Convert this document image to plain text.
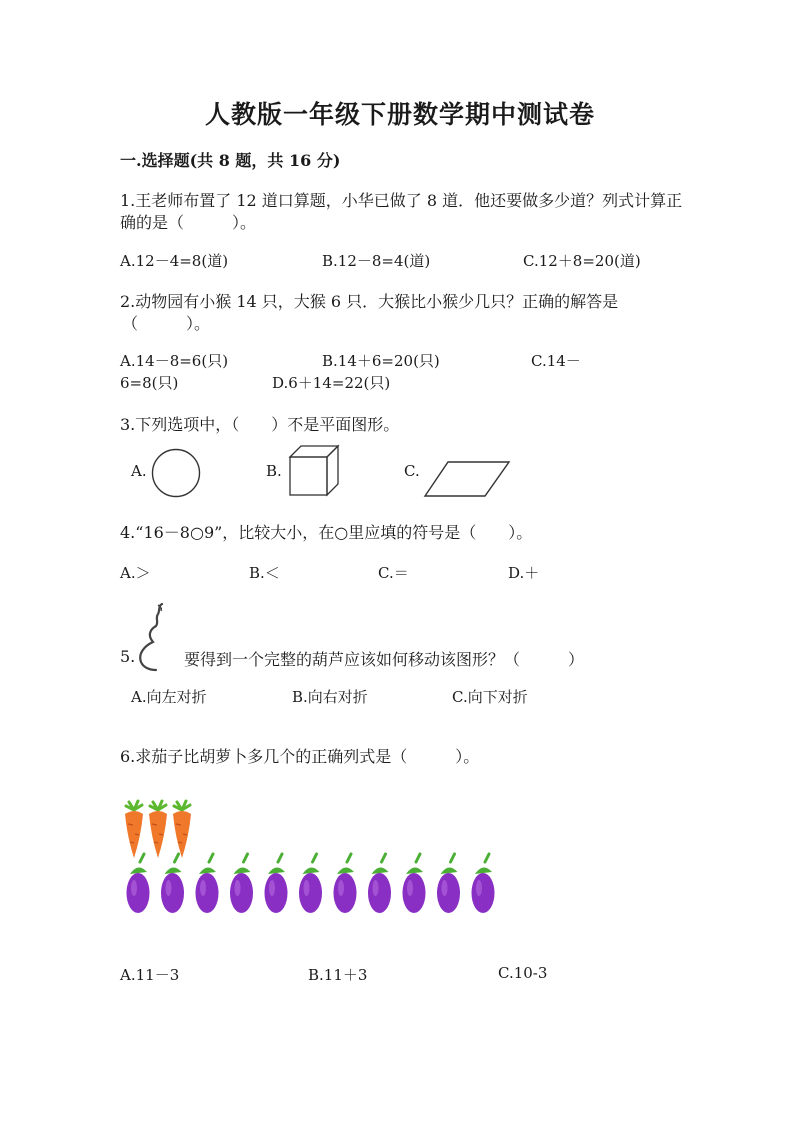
人教版一年级下册数学期中测试卷
一.选择题(共 8 题，共 16 分)
1.王老师布置了 12 道口算题，小华已做了 8 道．他还要做多少道？列式计算正
确的是（　　　）。
A.12－4=8(道)	B.12－8=4(道)	C.12＋8=20(道)
2.动物园有小猴 14 只，大猴 6 只．大猴比小猴少几只？正确的解答是
（　　　）。
A.14－8=6(只)	B.14＋6=20(只)	C.14－
6=8(只)	D.6＋14=22(只)
3.下列选项中，（　　）不是平面图形。
A.	B.	C.
4.“16－8○9”，比较大小，在○里应填的符号是（　　）。
A.＞	B.＜	C.＝	D.＋
5.	要得到一个完整的葫芦应该如何移动该图形？（　　　）
A.向左对折	B.向右对折	C.向下对折
6.求茄子比胡萝卜多几个的正确列式是（　　　）。
A.11－3	B.11＋3	C.10-3
